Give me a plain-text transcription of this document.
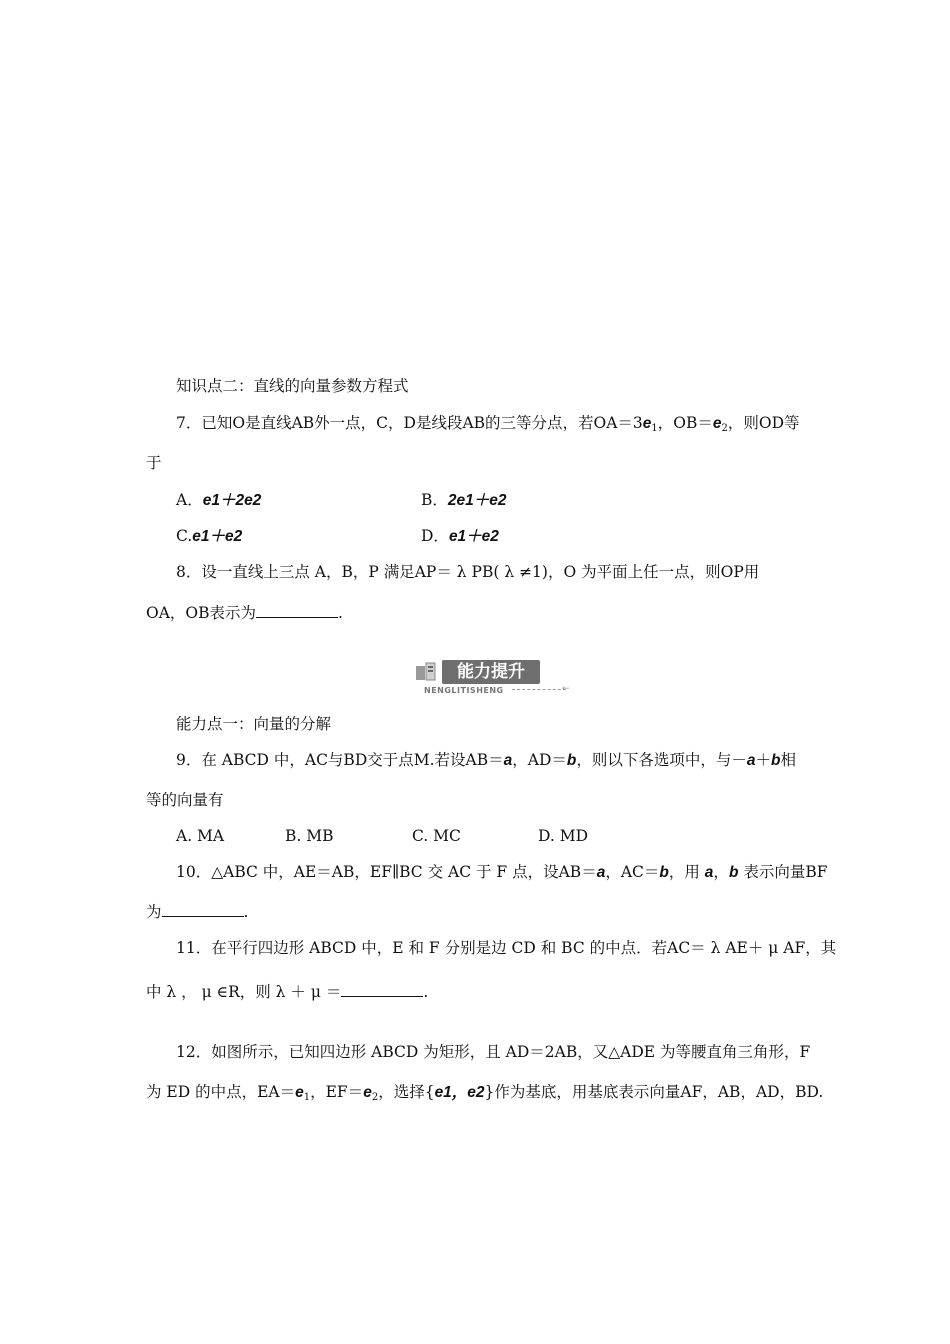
知识点二：直线的向量参数方程式
7．已知O是直线AB外一点，C，D是线段AB的三等分点，若$OA=3e_1$，$OB=e_2$，则OD等
于
A．e1＋2e2	B．2e1＋e2
C.e1＋e2	D．e1＋e2
8．设一直线上三点 A，B，P 满足AP＝ λ PB( λ ≠1)，O 为平面上任一点，则OP用
OA，OB表示为	.
能力提升
NENGLITISHENG	←
能力点一：向量的分解
9．在 ABCD 中，AC与BD交于点M.若设AB＝a，AD＝b，则以下各选项中，与－a＋b相
等的向量有
A. MA	B. MB	C. MC	D. MD
10．△ABC 中，AE＝AB，EF∥BC 交 AC 于 F 点，设AB＝a，AC＝b，用 a，b 表示向量BF
为	.
11．在平行四边形 ABCD 中，E 和 F 分别是边 CD 和 BC 的中点．若AC＝ λ AE＋ μ AF，其
中 λ ， μ ∈R，则 λ ＋ μ ＝	.
12．如图所示，已知四边形 ABCD 为矩形，且 AD＝2AB，又△ADE 为等腰直角三角形，F
为 ED 的中点，$EA=e_1$，$EF=e_2$，选择{e1，e2}作为基底，用基底表示向量AF，AB，AD，BD.
